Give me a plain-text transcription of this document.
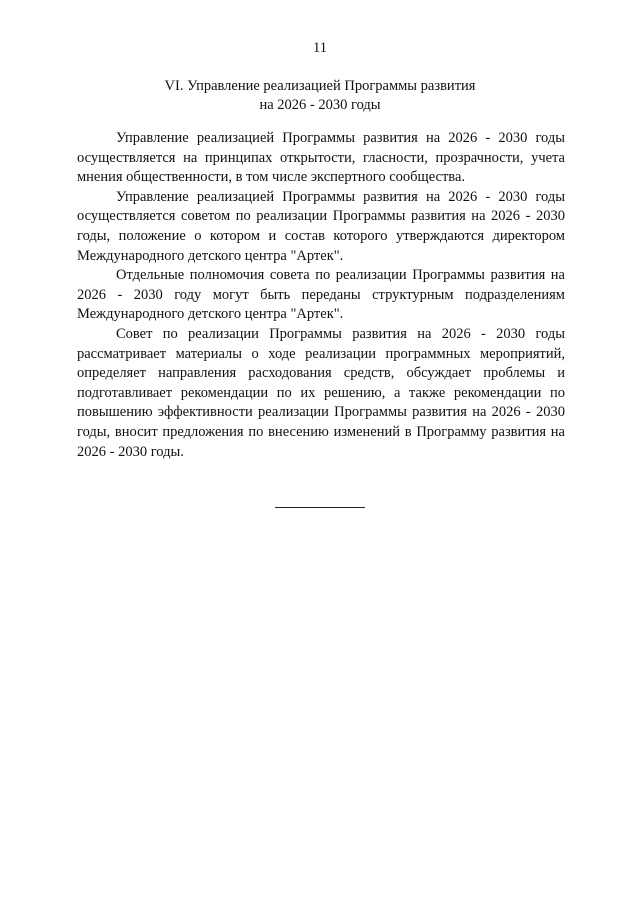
11
VI. Управление реализацией Программы развития
на 2026 - 2030 годы

Управление реализацией Программы развития на 2026 - 2030 годы осуществляется на принципах открытости, гласности, прозрачности, учета мнения общественности, в том числе экспертного сообщества.

Управление реализацией Программы развития на 2026 - 2030 годы осуществляется советом по реализации Программы развития на 2026 - 2030 годы, положение о котором и состав которого утверждаются директором Международного детского центра "Артек".

Отдельные полномочия совета по реализации Программы развития на 2026 - 2030 году могут быть переданы структурным подразделениям Международного детского центра "Артек".

Совет по реализации Программы развития на 2026 - 2030 годы рассматривает материалы о ходе реализации программных мероприятий, определяет направления расходования средств, обсуждает проблемы и подготавливает рекомендации по их решению, а также рекомендации по повышению эффективности реализации Программы развития на 2026 - 2030 годы, вносит предложения по внесению изменений в Программу развития на 2026 - 2030 годы.
